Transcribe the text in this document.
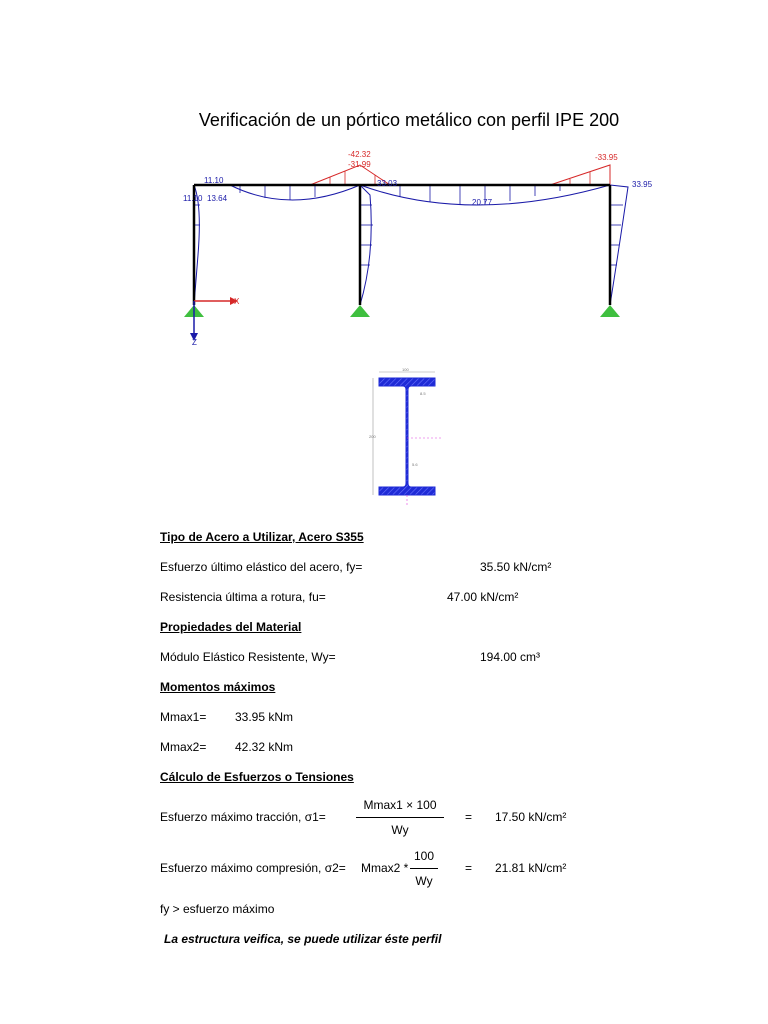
Verificación de un pórtico metálico con perfil IPE 200
X
Z
11.10
11.10 13.64
-42.32
-31.99
33.03
20.77
-33.95
33.95
100
200
8.5
5.6
Tipo de Acero a Utilizar, Acero S355
Esfuerzo último elástico del acero, fy=	35.50 kN/cm²
Resistencia última a rotura, fu=	47.00 kN/cm²
Propiedades del Material
Módulo Elástico Resistente, Wy=	194.00 cm³
Momentos máximos
Mmax1= 33.95 kNm
Mmax2= 42.32 kNm
Cálculo de Esfuerzos o Tensiones
Esfuerzo máximo tracción, σ1=
Mmax1 × 100
Wy
= 17.50 kN/cm²
Esfuerzo máximo compresión, σ2= Mmax2 *
100
Wy
= 21.81 kN/cm²
fy > esfuerzo máximo
La estructura veifica, se puede utilizar éste perfil
